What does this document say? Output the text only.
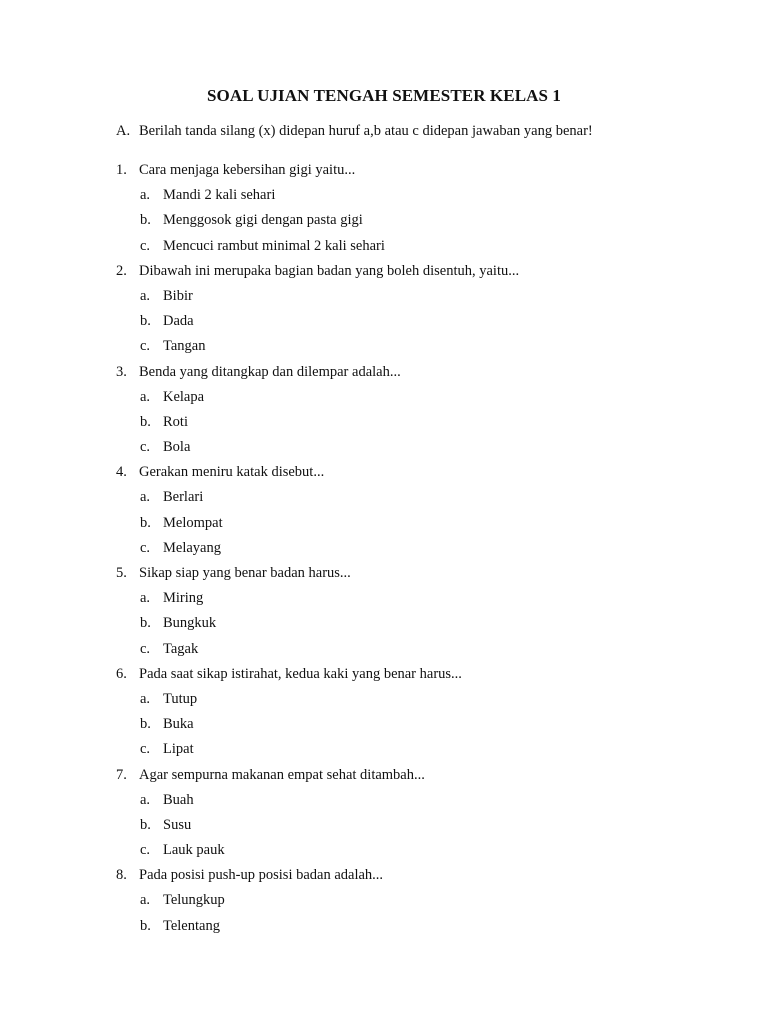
SOAL UJIAN TENGAH SEMESTER KELAS 1
A. Berilah tanda silang (x) didepan huruf a,b atau c didepan jawaban yang benar!
1. Cara menjaga kebersihan gigi yaitu...
a. Mandi 2 kali sehari
b. Menggosok gigi dengan pasta gigi
c. Mencuci rambut minimal 2 kali sehari
2. Dibawah ini merupaka bagian badan yang boleh disentuh, yaitu...
a. Bibir
b. Dada
c. Tangan
3. Benda yang ditangkap dan dilempar adalah...
a. Kelapa
b. Roti
c. Bola
4. Gerakan meniru katak disebut...
a. Berlari
b. Melompat
c. Melayang
5. Sikap siap yang benar badan harus...
a. Miring
b. Bungkuk
c. Tagak
6. Pada saat sikap istirahat, kedua kaki yang benar harus...
a. Tutup
b. Buka
c. Lipat
7. Agar sempurna makanan empat sehat ditambah...
a. Buah
b. Susu
c. Lauk pauk
8. Pada posisi push-up posisi badan adalah...
a. Telungkup
b. Telentang
